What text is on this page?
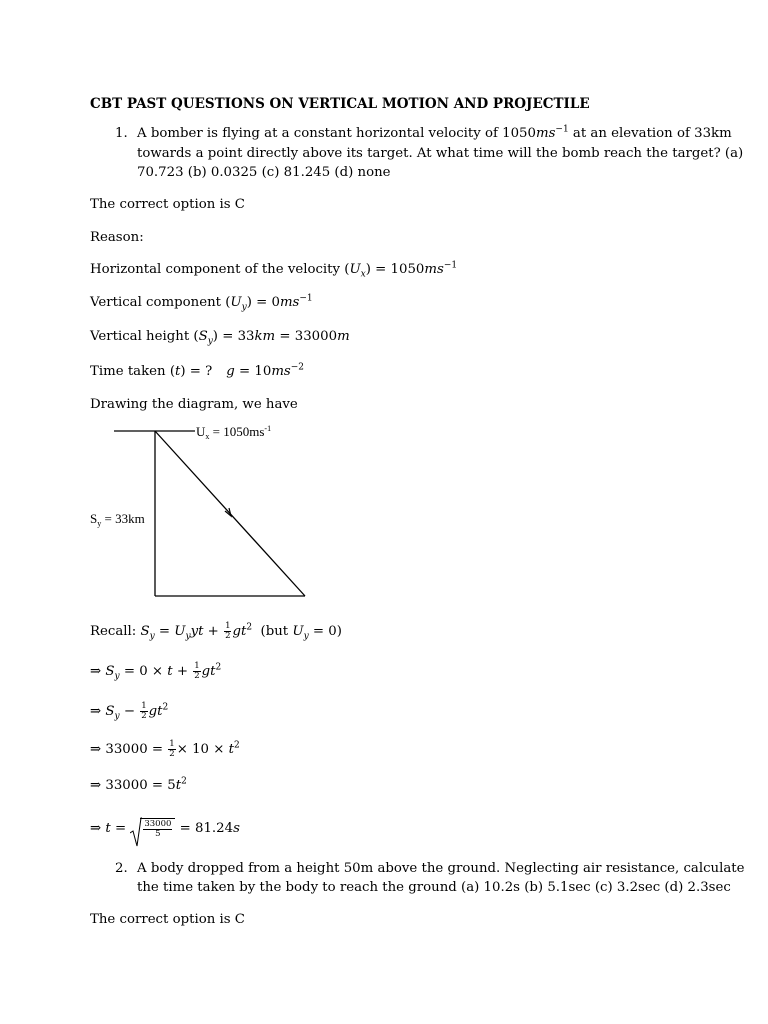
CBT PAST QUESTIONS ON VERTICAL MOTION AND PROJECTILE
1. A bomber is flying at a constant horizontal velocity of $1050ms^{-1}$ at an elevation of 33km
towards a point directly above its target. At what time will the bomb reach the target? (a)
70.723 (b) 0.0325 (c) 81.245 (d) none
The correct option is C
Reason:
Horizontal component of the velocity $(U_x) = 1050ms^{-1}$
Vertical component $(U_y) = 0ms^{-1}$
Vertical height $(S_y) = 33km = 33000m$
Time taken (t) = ? $g = 10ms^{-2}$
Drawing the diagram, we have
$U_x = 1050ms^{-1}$
$S_y = 33km$
Recall: $S_y = U_yyt + \frac{1}{2} gt^2$ (but $U_y = 0$)
⇒ $S_y = 0 \times t + \frac{1}{2} gt^2$
⇒ $S_y - \frac{1}{2} gt^2$
⇒ $33000 = \frac{1}{2} \times 10 \times t^2$
⇒ $33000 = 5t^2$
⇒ $t = \frac{33000}{5} = 81.24s$
2. A body dropped from a height 50m above the ground. Neglecting air resistance, calculate
the time taken by the body to reach the ground (a) 10.2s (b) 5.1sec (c) 3.2sec (d) 2.3sec
The correct option is C
